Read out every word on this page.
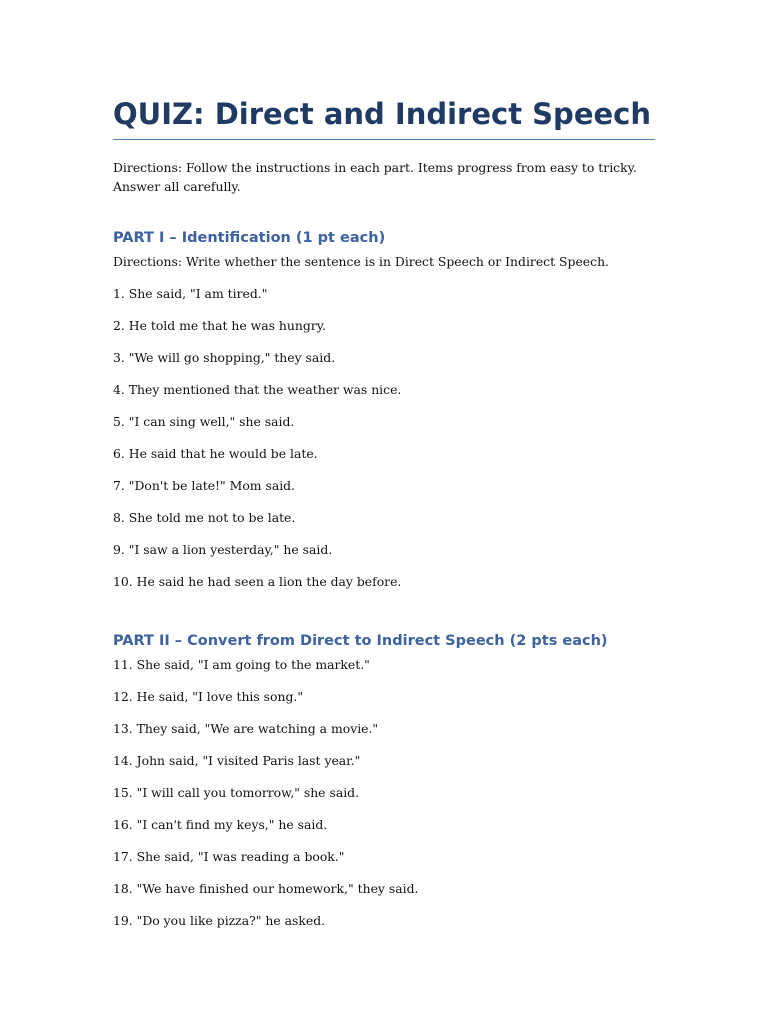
QUIZ: Direct and Indirect Speech

Directions: Follow the instructions in each part. Items progress from easy to tricky. Answer all carefully.

PART I – Identification (1 pt each)

Directions: Write whether the sentence is in Direct Speech or Indirect Speech.

1. She said, "I am tired."
2. He told me that he was hungry.
3. "We will go shopping," they said.
4. They mentioned that the weather was nice.
5. "I can sing well," she said.
6. He said that he would be late.
7. "Don't be late!" Mom said.
8. She told me not to be late.
9. "I saw a lion yesterday," he said.
10. He said he had seen a lion the day before.
PART II – Convert from Direct to Indirect Speech (2 pts each)
11. She said, "I am going to the market."
12. He said, "I love this song."
13. They said, "We are watching a movie."
14. John said, "I visited Paris last year."
15. "I will call you tomorrow," she said.
16. "I can't find my keys," he said.
17. She said, "I was reading a book."
18. "We have finished our homework," they said.
19. "Do you like pizza?" he asked.
